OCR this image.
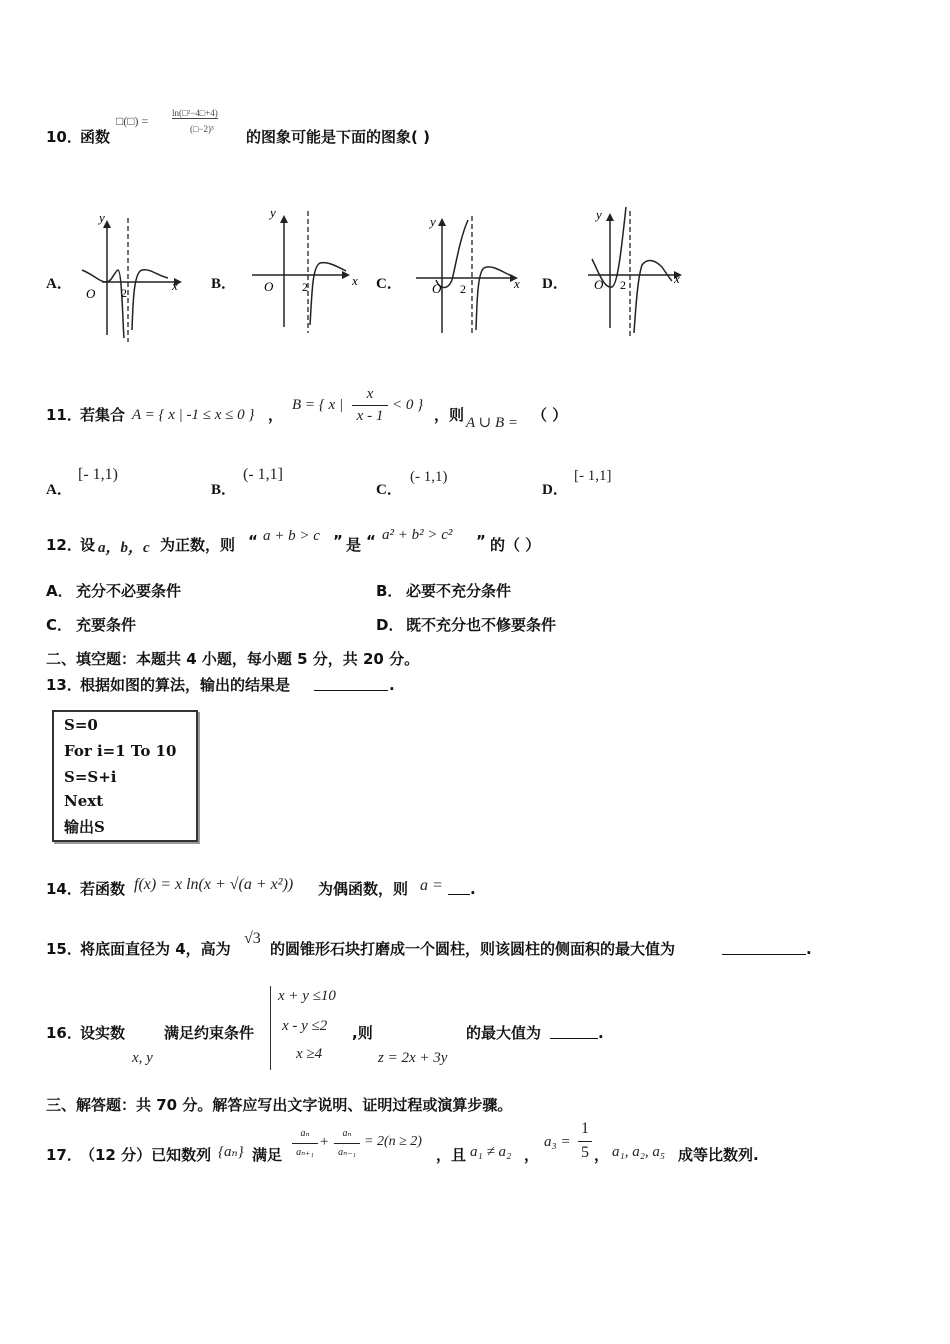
10．
函数
□(□) =
ln(□²−4□+4)
(□−2)³ 的图象可能是下面的图象( )
A．	B．	C．	D．
y
x
O 2
y
x
O 2
y
x
O 2
y
x
O 2
11．
若集合 A = { x | -1 ≤ x ≤ 0 } ，
B = { x |
x
x - 1
< 0 }
，则 A ∪ B = （ ）
A．
[- 1,1)
B．
(- 1,1]
C．
(- 1,1)
D．
[- 1,1]
12．
设 a，b，c 为正数，则 “ a + b > c ” 是 “ a² + b² > c² ” 的（ ）
A． 充分不必要条件	B． 必要不充分条件
C． 充要条件	D． 既不充分也不修要条件
二、填空题：本题共 4 小题，每小题 5 分，共 20 分。
13．
根据如图的算法，输出的结果是	.
S=0
For i=1 To 10
S=S+i
Next
输出S
14．
若函数 f(x) = x ln(x + √(a + x²)) 为偶函数，则 a = .
15．
将底面直径为 4，高为
√3
的圆锥形石块打磨成一个圆柱，则该圆柱的侧面积的最大值为	.
16．
设实数
x, y
满足约束条件
x + y ≤10
x - y ≤2
x ≥4
,则
z = 2x + 3y
的最大值为	.
三、解答题：共 70 分。解答应写出文字说明、证明过程或演算步骤。
17．
（12 分）已知数列 {aₙ} 满足
aₙ
aₙ₊₁
+
aₙ
aₙ₋₁
= 2(n ≥ 2)
，且 a₁ ≠ a₂ ，
a₃ =
1
5 ， a₁, a₂, a₅ 成等比数列.
